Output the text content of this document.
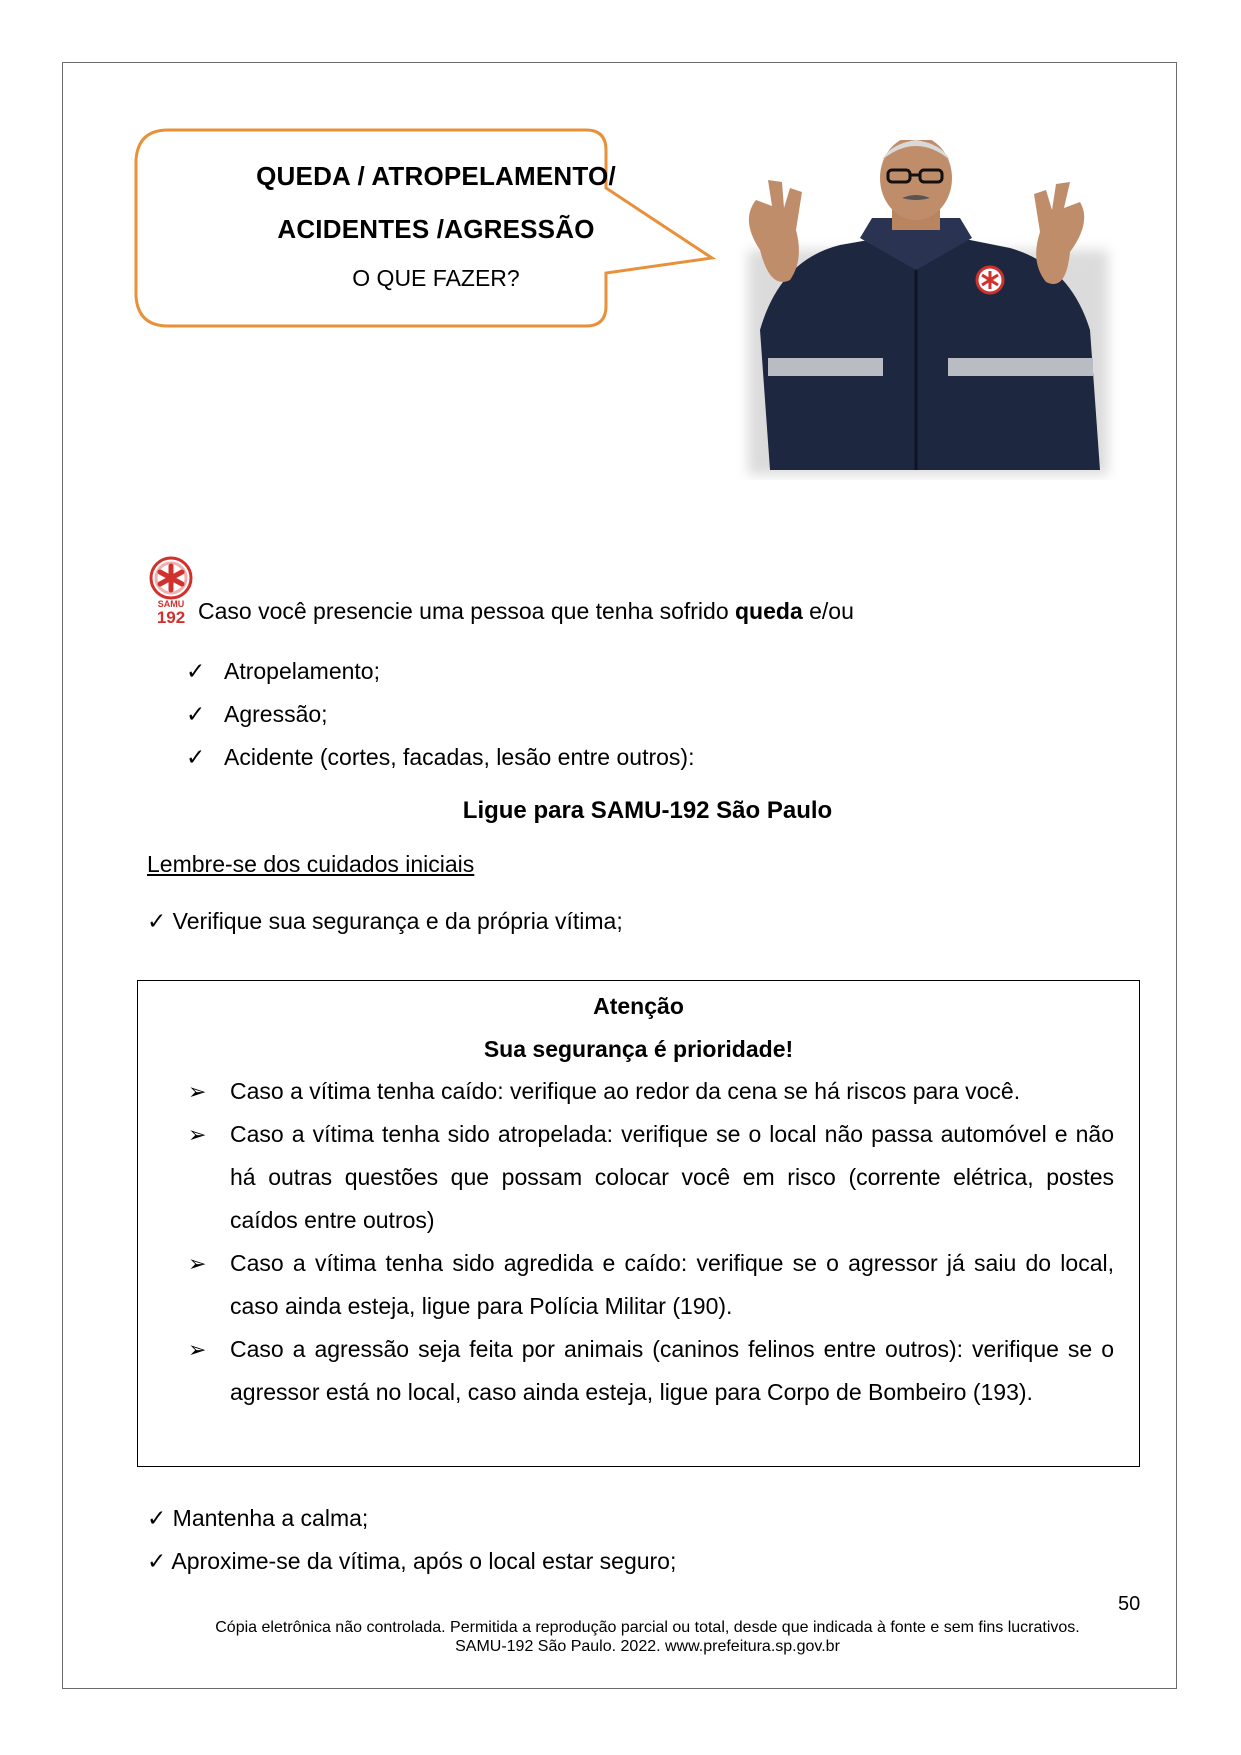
QUEDA / ATROPELAMENTO/
ACIDENTES /AGRESSÃO
O QUE FAZER?
SAMU
192 Caso você presencie uma pessoa que tenha sofrido queda e/ou
✓ Atropelamento;
✓ Agressão;
✓ Acidente (cortes, facadas, lesão entre outros):
Ligue para SAMU-192 São Paulo
Lembre-se dos cuidados iniciais
✓ Verifique sua segurança e da própria vítima;
Atenção
Sua segurança é prioridade!
➢ Caso a vítima tenha caído: verifique ao redor da cena se há riscos para você.
➢ Caso a vítima tenha sido atropelada: verifique se o local não passa automóvel e não há outras questões que possam colocar você em risco (corrente elétrica, postes caídos entre outros)
➢ Caso a vítima tenha sido agredida e caído: verifique se o agressor já saiu do local, caso ainda esteja, ligue para Polícia Militar (190).
➢ Caso a agressão seja feita por animais (caninos felinos entre outros): verifique se o agressor está no local, caso ainda esteja, ligue para Corpo de Bombeiro (193).
✓ Mantenha a calma;
✓ Aproxime-se da vítima, após o local estar seguro;
50
Cópia eletrônica não controlada. Permitida a reprodução parcial ou total, desde que indicada à fonte e sem fins lucrativos.
SAMU-192 São Paulo. 2022. www.prefeitura.sp.gov.br
